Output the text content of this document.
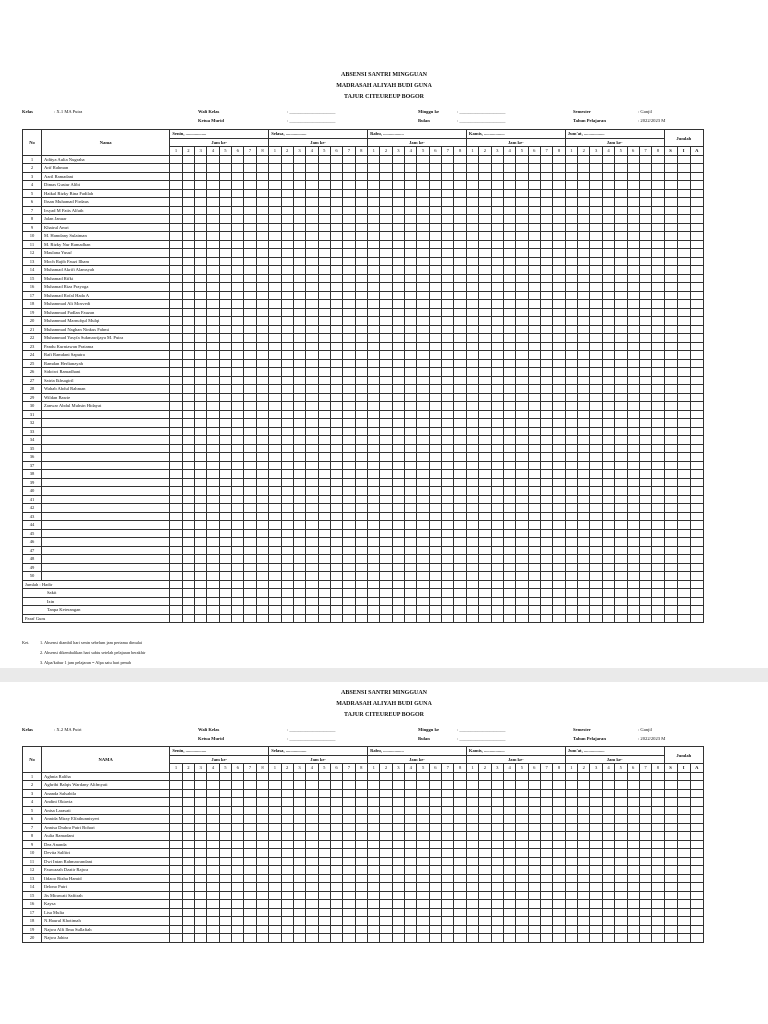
ABSENSI SANTRI MINGGUAN
MADRASAH ALIYAH BUDI GUNA
TAJUR CITEUREUP BOGOR
Kelas	: X.1 MA Putra	Wali Kelas	: ____________________
Ketua Murid	: ____________________
Minggu ke	: ____________________
Bulan	: ____________________
Semester	: Ganjil
Tahun Pelajaran	: 2022/2023 M
No	Nama	Senin, ..................								Selasa, ..................								Rabu, ..................								Kamis, ..................								Jum'at, ..................								Jumlah		
		Jam ke-								Jam ke-								Jam ke-								Jam ke-								Jam ke-										
		1	2	3	4	5	6	7	8	1	2	3	4	5	6	7	8	1	2	3	4	5	6	7	8	1	2	3	4	5	6	7	8	1	2	3	4	5	6	7	8	S	I	A
1	Aditya Aulia Nugraha																																											
2	Arif Rahman																																											
3	Azril Ramadani																																											
4	Dimas Gustur Alibi																																											
5	Haikal Rizky Bina Fadilah																																											
6	Ihsan Muhamad Firdaus																																											
7	Irsyad M Fatis Alfath																																											
8	Jalan Januar																																											
9	Khairul Amri																																											
10	M. Hamdany Sulaiman																																											
11	M. Rizky Nur Ramadhan																																											
12	Maulana Yusuf																																											
13	Moch Rajib Fauzi Ilham																																											
14	Muhamad Akrifi Alamsyah																																											
15	Muhamad Rifki																																											
16	Muhamad Riza Prayoga																																											
17	Muhamad Rofal Hada A																																											
18	Muhammad Ali Mosvedi																																											
19	Muhammad Fadlan Fauzan																																											
20	Muhammad Marnufqul Mulqi																																											
21	Muhammad Naghan Ninkus Fahmi																																											
22	Muhammad Yasyfa Sukmawijaya M. Putra																																											
23	Pandu Kurniawan Pratama																																											
24	Rafi Ramdani Saputra																																											
25	Ramdan Herlianzyah																																											
26	Sidoiwi Ramadhani																																											
27	Satria Ikhsagiril																																											
28	Wahab Abdul Rahman																																											
29	Wildan Basrie																																											
30	Zanwar Abdul Muhsin Hidayat																																											
31																																												
32																																												
33																																												
34																																												
35																																												
36																																												
37																																												
38																																												
39																																												
40																																												
41																																												
42																																												
43																																												
44																																												
45																																												
46																																												
47																																												
48																																												
49																																												
50																																												
Jumlah : Hadir																																												
Sakit																																												
Izin																																												
Tanpa Keterangan																																												
Paraf Guru																																												
Ket. 1. Absensi diambil hari senin sebelum jam pertama dimulai
2. Absensi dikembalikan hari sabtu setelah pelajaran berakhir
3. Alpa/kabur 1 jam pelajaran = Alpa satu hari penuh
ABSENSI SANTRI MINGGUAN
MADRASAH ALIYAH BUDI GUNA
TAJUR CITEUREUP BOGOR
Kelas	: X.2 MA Putri	Wali Kelas	: ____________________
Ketua Murid	: ____________________
Minggu ke	: ____________________
Bulan	: ____________________
Semester	: Ganjil
Tahun Pelajaran	: 2022/2023 M
No	NAMA	Senin, ..................								Selasa, ..................								Rabu, ..................								Kamis, ..................								Jum'at, ..................								Jumlah		
		Jam ke-								Jam ke-								Jam ke-								Jam ke-								Jam ke-										
		1	2	3	4	5	6	7	8	1	2	3	4	5	6	7	8	1	2	3	4	5	6	7	8	1	2	3	4	5	6	7	8	1	2	3	4	5	6	7	8	S	I	A
1	Aghnia Raliha																																											
2	Aghribi Balqis Wardany Alifmyati																																											
3	Ananda Salsabila																																											
4	Andini Oktavia																																											
5	Anisa Larasati																																											
6	Annida Miray Elfathunnisyeri																																											
7	Annisa Drahra Putri Bohari																																											
8	Aulia Ramadani																																											
9	Dea Ananda																																											
10	Devita Salfitri																																											
11	Dwi Intan Rahmawandani																																											
12	Fauwazah Dzatir Rajwa																																											
13	Ifdaoo Rizha Hamid																																											
14	Ilelono Putri																																											
15	Jis Mirawati Safitrah																																											
16	Kaysa																																											
17	Lisa Mulia																																											
18	N.Haurul Khotimah																																											
19	Najwa Alfi Ilma Sullaftah																																											
20	Najwa Jahira																																											
